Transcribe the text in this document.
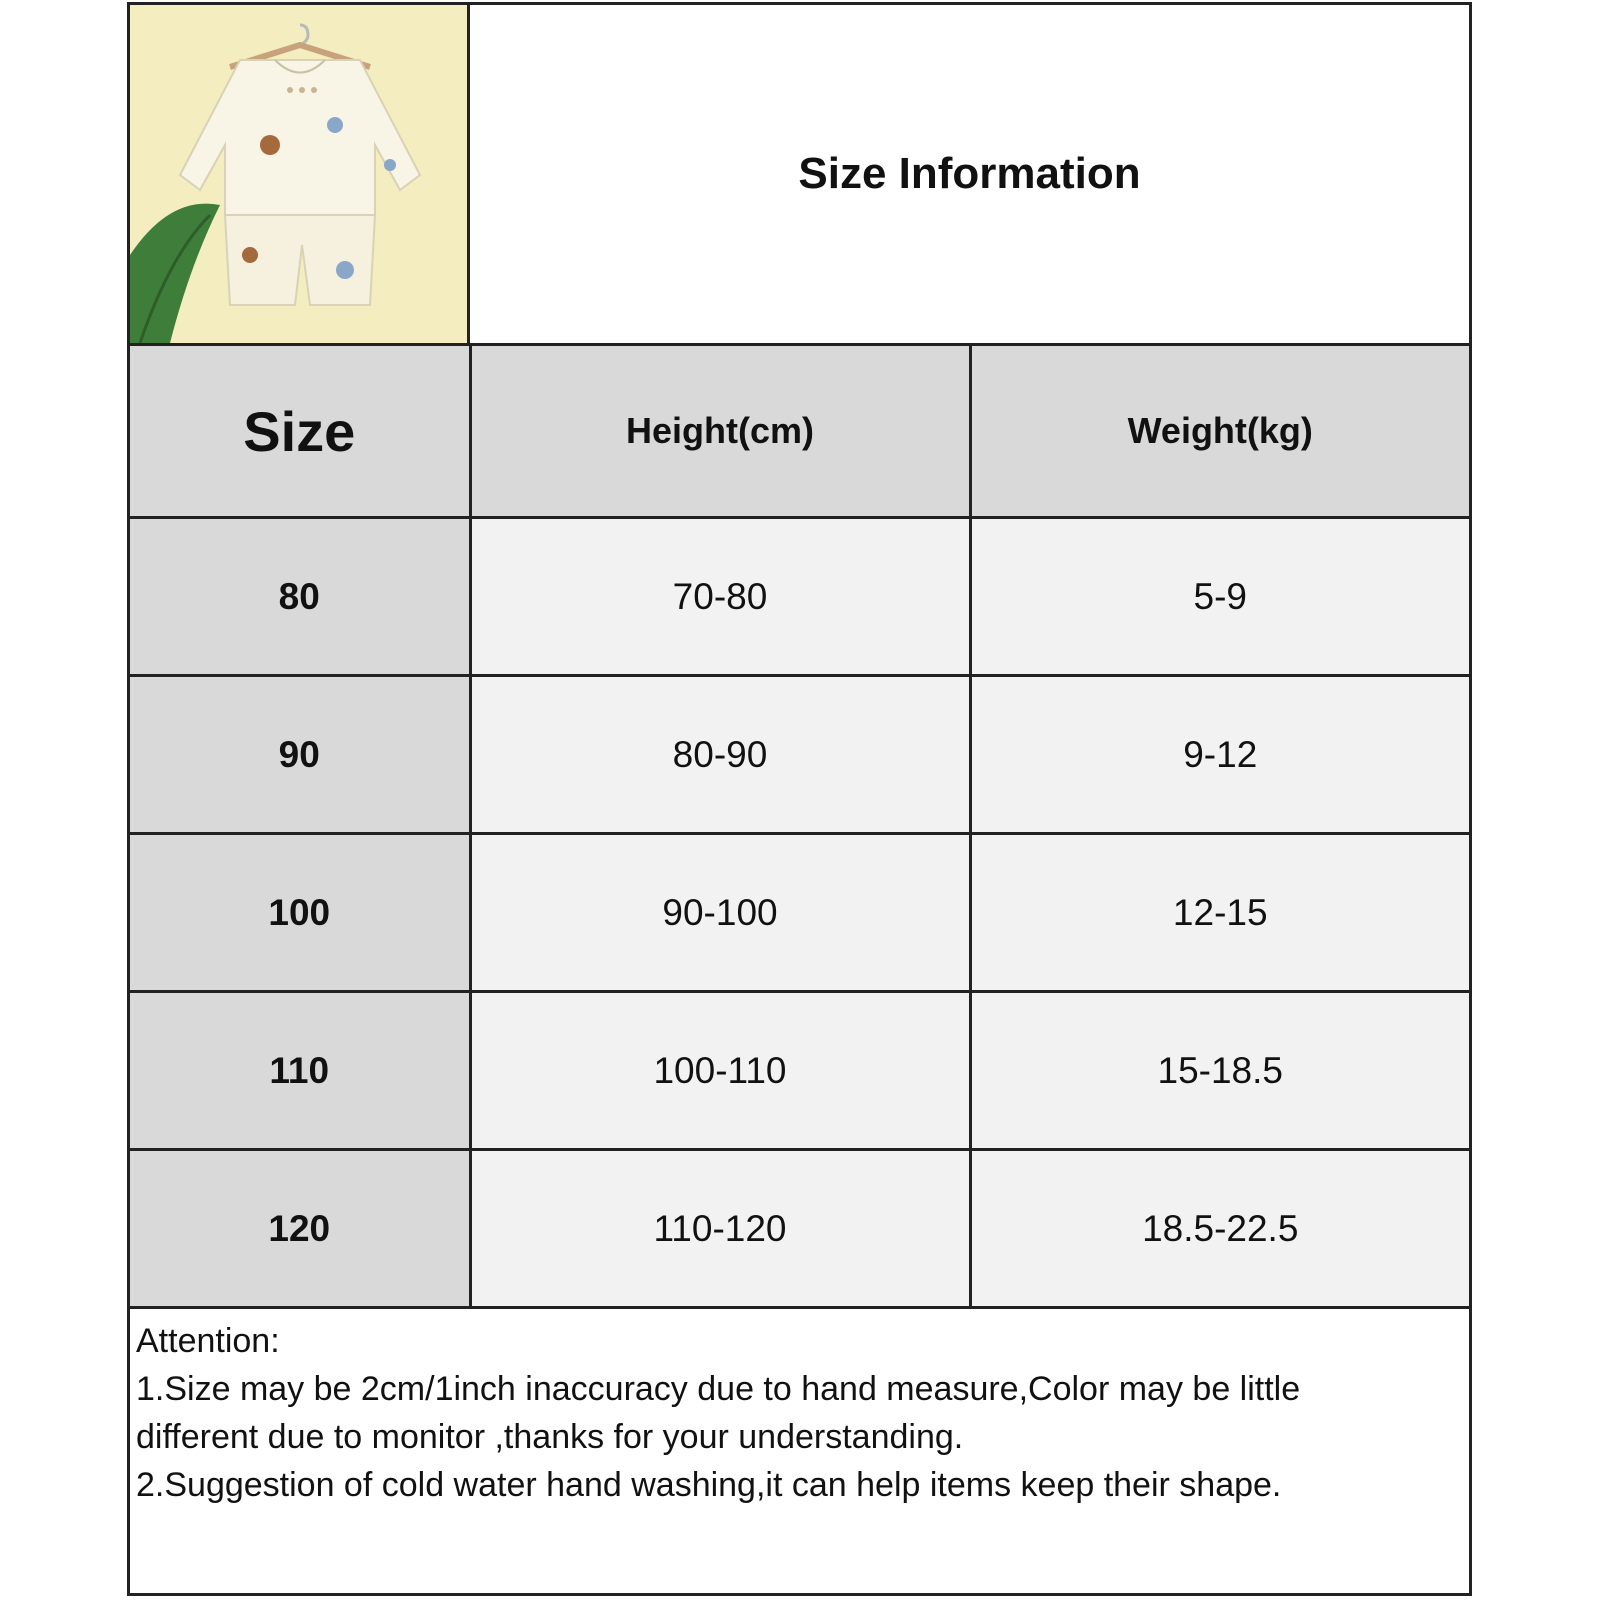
Size Information
Size	Height(cm)	Weight(kg)
80	70-80	5-9
90	80-90	9-12
100	90-100	12-15
110	100-110	15-18.5
120	110-120	18.5-22.5
Attention:
1.Size may be 2cm/1inch inaccuracy due to hand measure,Color may be little
different due to monitor ,thanks for your understanding.
2.Suggestion of cold water hand washing,it can help items keep their shape.
